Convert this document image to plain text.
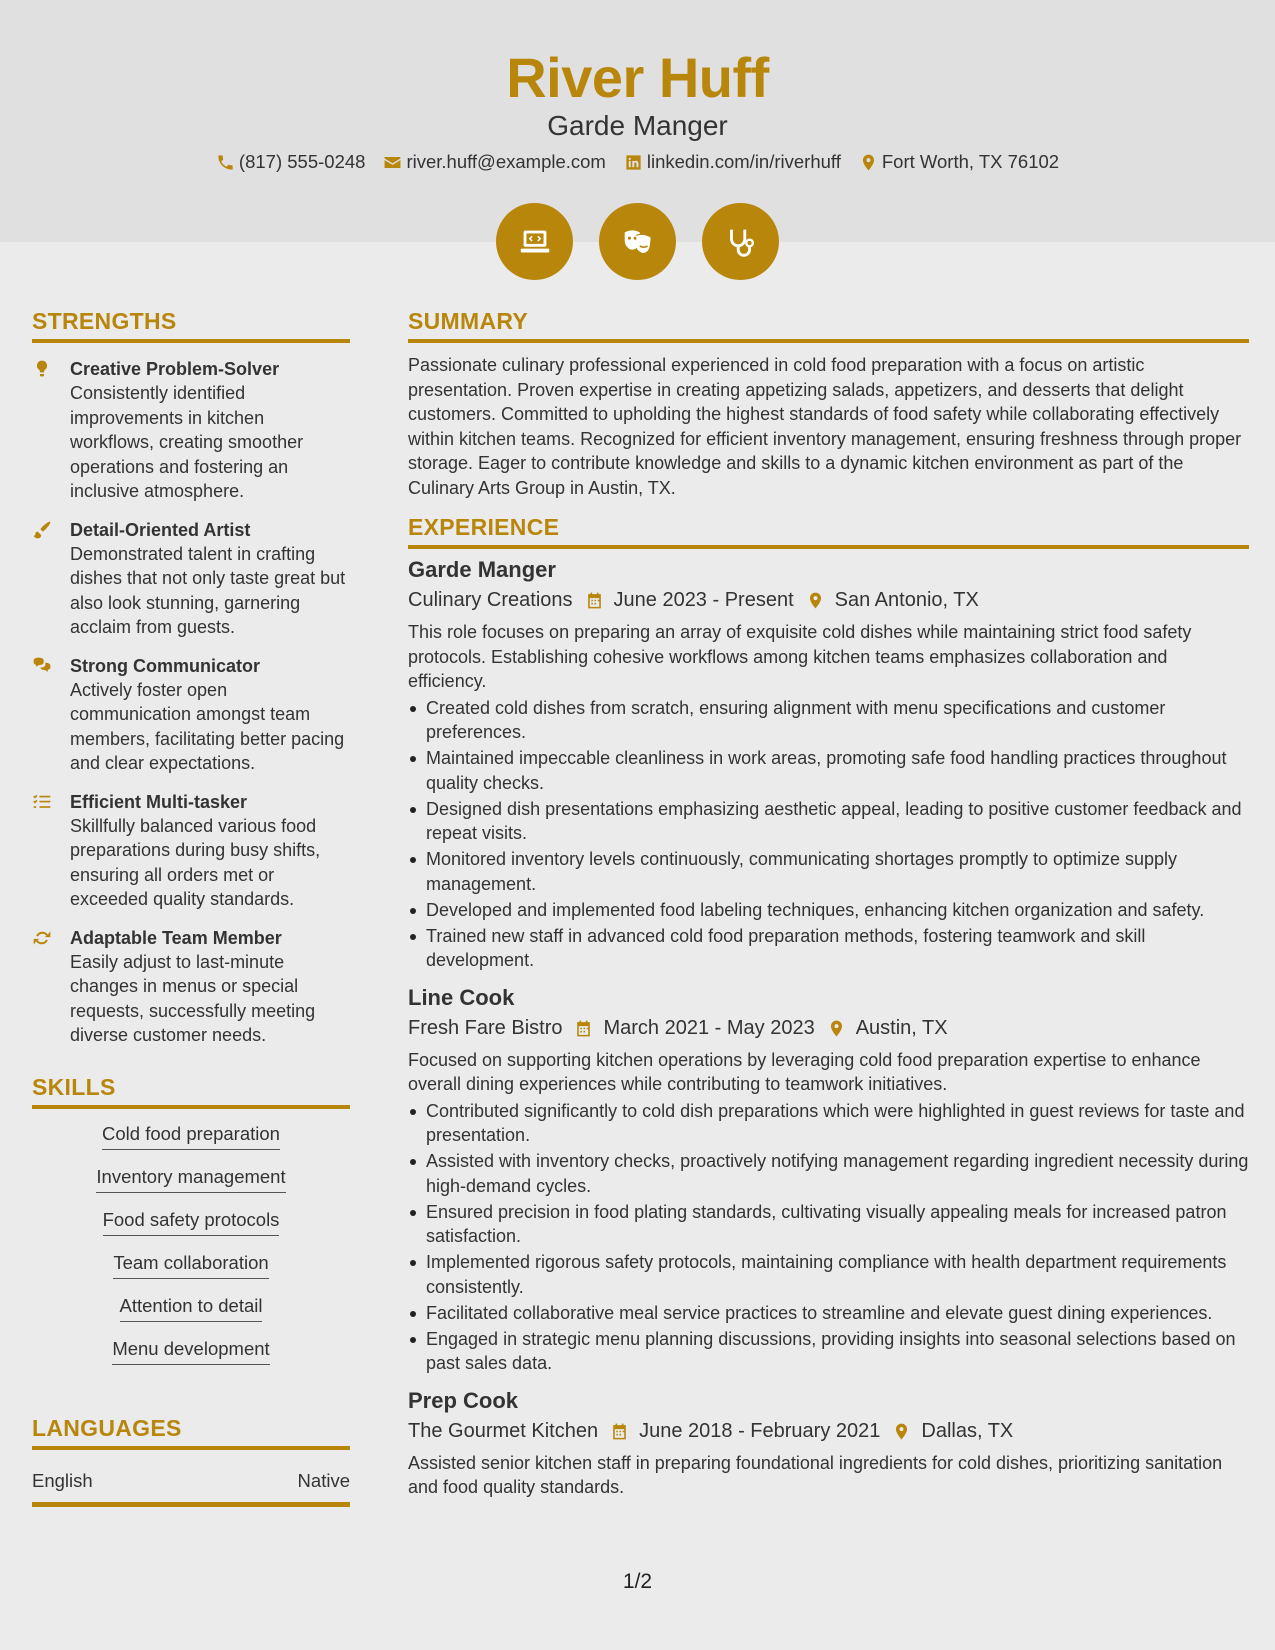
River Huff
Garde Manger
(817) 555-0248 river.huff@example.com linkedin.com/in/riverhuff Fort Worth, TX 76102
STRENGTHS
Creative Problem-Solver
Consistently identified improvements in kitchen workflows, creating smoother operations and fostering an inclusive atmosphere.
Detail-Oriented Artist
Demonstrated talent in crafting dishes that not only taste great but also look stunning, garnering acclaim from guests.
Strong Communicator
Actively foster open communication amongst team members, facilitating better pacing and clear expectations.
Efficient Multi-tasker
Skillfully balanced various food preparations during busy shifts, ensuring all orders met or exceeded quality standards.
Adaptable Team Member
Easily adjust to last-minute changes in menus or special requests, successfully meeting diverse customer needs.
SKILLS
Cold food preparation
Inventory management
Food safety protocols
Team collaboration
Attention to detail
Menu development
LANGUAGES
English	Native
SUMMARY
Passionate culinary professional experienced in cold food preparation with a focus on artistic presentation. Proven expertise in creating appetizing salads, appetizers, and desserts that delight customers. Committed to upholding the highest standards of food safety while collaborating effectively within kitchen teams. Recognized for efficient inventory management, ensuring freshness through proper storage. Eager to contribute knowledge and skills to a dynamic kitchen environment as part of the Culinary Arts Group in Austin, TX.
EXPERIENCE
Garde Manger
Culinary Creations June 2023 - Present San Antonio, TX
This role focuses on preparing an array of exquisite cold dishes while maintaining strict food safety protocols. Establishing cohesive workflows among kitchen teams emphasizes collaboration and efficiency.
Created cold dishes from scratch, ensuring alignment with menu specifications and customer preferences.
Maintained impeccable cleanliness in work areas, promoting safe food handling practices throughout quality checks.
Designed dish presentations emphasizing aesthetic appeal, leading to positive customer feedback and repeat visits.
Monitored inventory levels continuously, communicating shortages promptly to optimize supply management.
Developed and implemented food labeling techniques, enhancing kitchen organization and safety.
Trained new staff in advanced cold food preparation methods, fostering teamwork and skill development.
Line Cook
Fresh Fare Bistro March 2021 - May 2023 Austin, TX
Focused on supporting kitchen operations by leveraging cold food preparation expertise to enhance overall dining experiences while contributing to teamwork initiatives.
Contributed significantly to cold dish preparations which were highlighted in guest reviews for taste and presentation.
Assisted with inventory checks, proactively notifying management regarding ingredient necessity during high-demand cycles.
Ensured precision in food plating standards, cultivating visually appealing meals for increased patron satisfaction.
Implemented rigorous safety protocols, maintaining compliance with health department requirements consistently.
Facilitated collaborative meal service practices to streamline and elevate guest dining experiences.
Engaged in strategic menu planning discussions, providing insights into seasonal selections based on past sales data.
Prep Cook
The Gourmet Kitchen June 2018 - February 2021 Dallas, TX
Assisted senior kitchen staff in preparing foundational ingredients for cold dishes, prioritizing sanitation and food quality standards.
1/2
